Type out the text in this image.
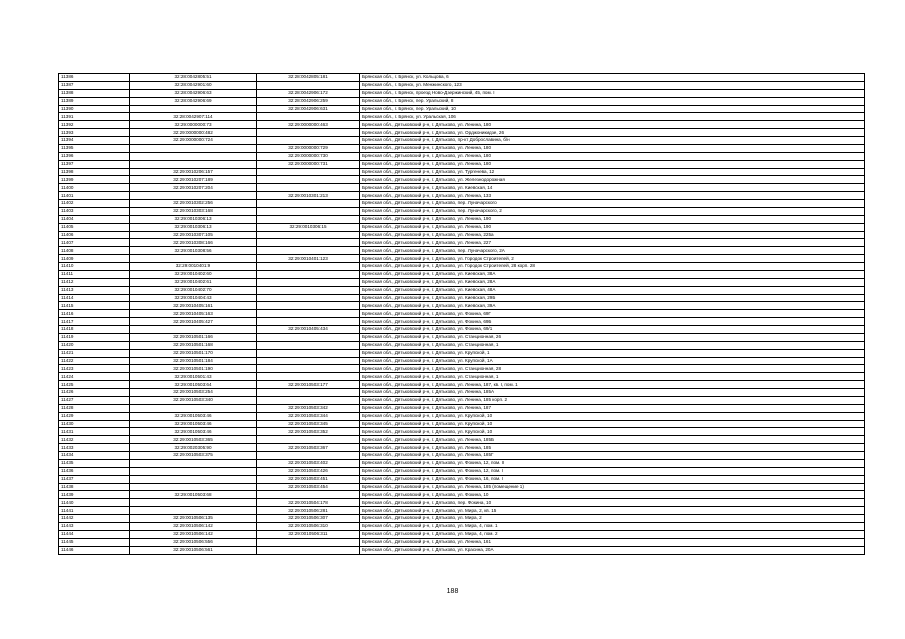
11386	32:28:0042805:51	32:28:0042805:181	Брянская обл., г. Брянск, ул. Кольцова, 6
11387	32:28:0042901:60		Брянская обл., г. Брянск, ул. Менжинского, 123
11388	32:28:0042906:63	32:28:0042906:172	Брянская обл., г. Брянск, проезд Ново-Дзержинский, 45, пом. I
11389	32:28:0042906:69	32:28:0042906:259	Брянская обл., г. Брянск, пер. Уральский, 8
11390		32:28:0042906:631	Брянская обл., г. Брянск, пер. Уральский, 10
11391	32:28:0042907:114		Брянская обл., г. Брянск, ул. Уральская, 106
11392	32:29:0000000:73	32:29:0000000:463	Брянская обл., Дятьковский р-н, г. Дятьково, ул. Ленина, 180
11393	32:29:0000000:482		Брянская обл., Дятьковский р-н, г. Дятьково, ул. Орджоникидзе, 26
11394	32:29:0000000:724		Брянская обл., Дятьковский р-н, г. Дятьково, пр-кт Доброславина, б/н
11395		32:29:0000000:729	Брянская обл., Дятьковский р-н, г. Дятьково, ул. Ленина, 180
11396		32:29:0000000:730	Брянская обл., Дятьковский р-н, г. Дятьково, ул. Ленина, 180
11397		32:29:0000000:731	Брянская обл., Дятьковский р-н, г. Дятьково, ул. Ленина, 180
11398	32:29:0010206:157		Брянская обл., Дятьковский р-н, г. Дятьково, ул. Тургенева, 12
11399	32:29:0010207:189		Брянская обл., Дятьковский р-н, г. Дятьково, ул. Железнодорожная
11400	32:29:0010207:204		Брянская обл., Дятьковский р-н, г. Дятьково, ул. Киевская, 14
11401		32:29:0010301:213	Брянская обл., Дятьковский р-н, г. Дятьково, ул. Ленина, 133
11402	32:29:0010302:256		Брянская обл., Дятьковский р-н, г. Дятьково, пер. Луначарского
11403	32:29:0010303:168		Брянская обл., Дятьковский р-н, г. Дятьково, пер. Луначарского, 2
11404	32:29:0010306:13		Брянская обл., Дятьковский р-н, г. Дятьково, ул. Ленина, 190
11405	32:29:0010306:13	32:29:0010306:15	Брянская обл., Дятьковский р-н, г. Дятьково, ул. Ленина, 190
11406	32:29:0010307:105		Брянская обл., Дятьковский р-н, г. Дятьково, ул. Ленина, 225а
11407	32:29:0010308:166		Брянская обл., Дятьковский р-н, г. Дятьково, ул. Ленина, 227
11408	32:29:0010308:56		Брянская обл., Дятьковский р-н, г. Дятьково, пер. Луначарского, 2А
11409		32:29:0010401:123	Брянская обл., Дятьковский р-н, г. Дятьково, ул. Городок Строителей, 2
11410	32:29:0010401:9		Брянская обл., Дятьковский р-н, г. Дятьково, ул. Городок Строителей, 28 корп. 28
11411	32:29:0010402:60		Брянская обл., Дятьковский р-н, г. Дятьково, ул. Киевская, 38А
11412	32:29:0010402:61		Брянская обл., Дятьковский р-н, г. Дятьково, ул. Киевская, 28А
11413	32:29:0010402:70		Брянская обл., Дятьковский р-н, г. Дятьково, ул. Киевская, 48А
11414	32:29:0010404:43		Брянская обл., Дятьковский р-н, г. Дятьково, ул. Киевская, 29Б
11415	32:29:0010405:161		Брянская обл., Дятьковский р-н, г. Дятьково, ул. Киевская, 39А
11416	32:29:0010405:163		Брянская обл., Дятьковский р-н, г. Дятьково, ул. Фокина, 69Г
11417	32:29:0010405:427		Брянская обл., Дятьковский р-н, г. Дятьково, ул. Фокина, 69Б
11418		32:29:0010405:434	Брянская обл., Дятьковский р-н, г. Дятьково, ул. Фокина, 69/1
11419	32:29:0010501:166		Брянская обл., Дятьковский р-н, г. Дятьково, ул. Станционная, 26
11420	32:29:0010501:168		Брянская обл., Дятьковский р-н, г. Дятьково, ул. Станционная, 1
11421	32:29:0010501:170		Брянская обл., Дятьковский р-н, г. Дятьково, ул. Крупской, 1
11422	32:29:0010501:184		Брянская обл., Дятьковский р-н, г. Дятьково, ул. Крупской, 1А
11423	32:29:0010501:190		Брянская обл., Дятьковский р-н, г. Дятьково, ул. Станционная, 28
11424	32:29:0010501:43		Брянская обл., Дятьковский р-н, г. Дятьково, ул. Станционная, 1
11425	32:29:0010503:64	32:29:0010503:177	Брянская обл., Дятьковский р-н, г. Дятьково, ул. Ленина, 187, кв. I, пом. 1
11426	32:29:0010503:254		Брянская обл., Дятьковский р-н, г. Дятьково, ул. Ленина, 185А
11427	32:29:0010503:340		Брянская обл., Дятьковский р-н, г. Дятьково, ул. Ленина, 185 корп. 2
11428		32:29:0010503:342	Брянская обл., Дятьковский р-н, г. Дятьково, ул. Ленина, 187
11429	32:29:0010503:46	32:29:0010503:344	Брянская обл., Дятьковский р-н, г. Дятьково, ул. Крупской, 10
11430	32:29:0010503:46	32:29:0010503:345	Брянская обл., Дятьковский р-н, г. Дятьково, ул. Крупской, 10
11431	32:29:0010503:46	32:29:0010503:352	Брянская обл., Дятьковский р-н, г. Дятьково, ул. Крупской, 10
11432	32:29:0010503:365		Брянская обл., Дятьковский р-н, г. Дятьково, ул. Ленина, 185Б
11433	32:29:0020305:90	32:29:0010503:367	Брянская обл., Дятьковский р-н, г. Дятьково, ул. Ленина, 185
11434	32:29:0010503:375		Брянская обл., Дятьковский р-н, г. Дятьково, ул. Ленина, 185Г
11435		32:29:0010503:402	Брянская обл., Дятьковский р-н, г. Дятьково, ул. Фокина, 12, пом. II
11436		32:29:0010503:426	Брянская обл., Дятьковский р-н, г. Дятьково, ул. Фокина, 12, пом. I
11437		32:29:0010503:451	Брянская обл., Дятьковский р-н, г. Дятьково, ул. Фокина, 16, пом. I
11438		32:29:0010503:454	Брянская обл., Дятьковский р-н, г. Дятьково, ул. Ленина, 185 (помещение 1)
11439	32:29:0010503:68		Брянская обл., Дятьковский р-н, г. Дятьково, ул. Фокина, 10
11440		32:29:0010504:178	Брянская обл., Дятьковский р-н, г. Дятьково, пер. Фокина, 10
11441		32:29:0010506:281	Брянская обл., Дятьковский р-н, г. Дятьково, ул. Мира, 2, кв. 15
11442	32:29:0010506:135	32:29:0010506:307	Брянская обл., Дятьковский р-н, г. Дятьково, ул. Мира, 2
11443	32:29:0010506:142	32:29:0010506:310	Брянская обл., Дятьковский р-н, г. Дятьково, ул. Мира, 4, пом. 1
11444	32:29:0010506:142	32:29:0010506:311	Брянская обл., Дятьковский р-н, г. Дятьково, ул. Мира, 4, пом. 2
11445	32:29:0010506:556		Брянская обл., Дятьковский р-н, г. Дятьково, ул. Ленина, 161
11446	32:29:0010506:561		Брянская обл., Дятьковский р-н, г. Дятьково, ул. Красина, 20А
188
